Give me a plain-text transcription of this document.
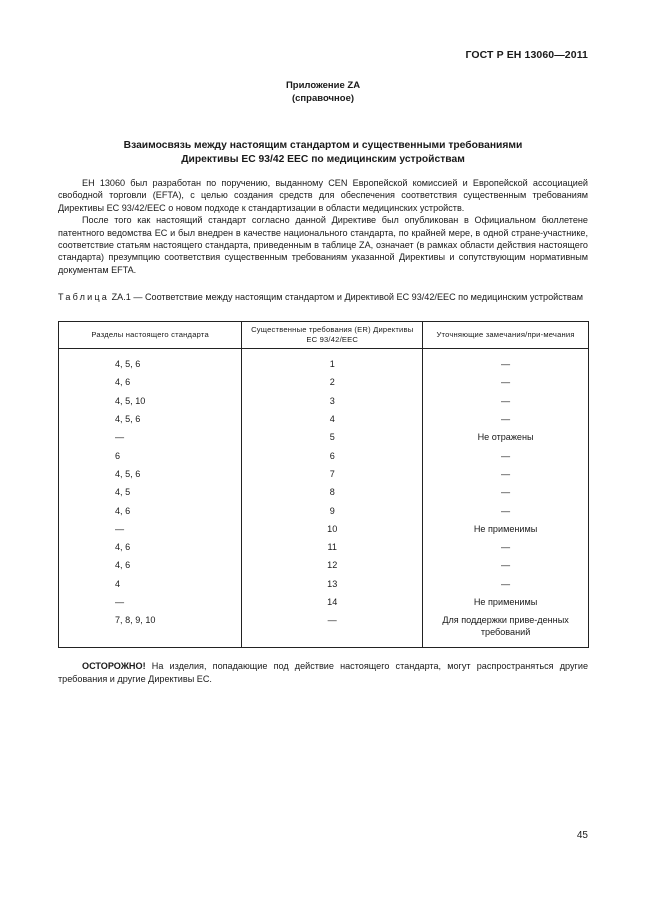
ГОСТ Р ЕН 13060—2011
Приложение ZA
(справочное)
Взаимосвязь между настоящим стандартом и существенными требованиями
Директивы ЕС 93/42 ЕЕС по медицинским устройствам

ЕН 13060 был разработан по поручению, выданному CEN Европейской комиссией и Европейской ассоциацией свободной торговли (EFTA), с целью создания средств для обеспечения соответствия существенным требованиям Директивы ЕС 93/42/ЕЕС о новом подходе к стандартизации в области медицинских устройств.

После того как настоящий стандарт согласно данной Директиве был опубликован в Официальном бюллетене патентного ведомства ЕС и был внедрен в качестве национального стандарта, по крайней мере, в одной стране-участнике, соответствие статьям настоящего стандарта, приведенным в таблице ZA, означает (в рамках области действия настоящего стандарта) презумпцию соответствия существенным требованиям указанной Директивы и сопутствующим нормативным документам EFTA.

Таблица ZA.1 — Соответствие между настоящим стандартом и Директивой ЕС 93/42/ЕЕС по медицинским устройствам
Разделы настоящего стандарта	Существенные требования (ER) Директивы ЕС 93/42/ЕЕС	Уточняющие замечания/при-мечания
4, 5, 6	1	—
4, 6	2	—
4, 5, 10	3	—
4, 5, 6	4	—
—	5	Не отражены
6	6	—
4, 5, 6	7	—
4, 5	8	—
4, 6	9	—
—	10	Не применимы
4, 6	11	—
4, 6	12	—
4	13	—
—	14	Не применимы
7, 8, 9, 10	—	Для поддержки приве-денных требований
ОСТОРОЖНО! На изделия, попадающие под действие настоящего стандарта, могут распространяться другие требования и другие Директивы ЕС.
45
